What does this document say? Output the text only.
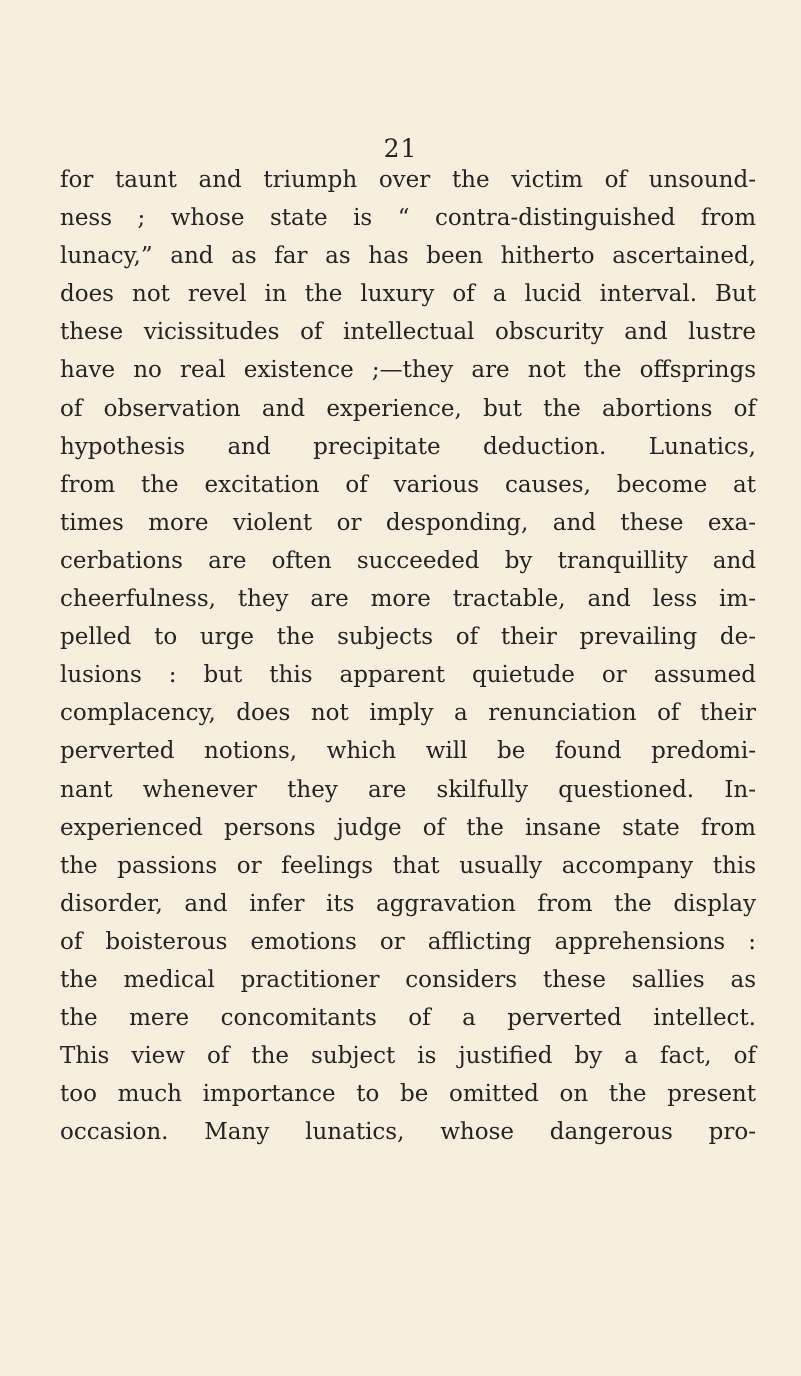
21
for taunt and triumph over the victim of unsound-
ness ; whose state is “ contra-distinguished from
lunacy,” and as far as has been hitherto ascertained,
does not revel in the luxury of a lucid interval. But
these vicissitudes of intellectual obscurity and lustre
have no real existence ;—they are not the offsprings
of observation and experience, but the abortions of
hypothesis and precipitate deduction. Lunatics,
from the excitation of various causes, become at
times more violent or desponding, and these exa-
cerbations are often succeeded by tranquillity and
cheerfulness, they are more tractable, and less im-
pelled to urge the subjects of their prevailing de-
lusions : but this apparent quietude or assumed
complacency, does not imply a renunciation of their
perverted notions, which will be found predomi-
nant whenever they are skilfully questioned. In-
experienced persons judge of the insane state from
the passions or feelings that usually accompany this
disorder, and infer its aggravation from the display
of boisterous emotions or afflicting apprehensions :
the medical practitioner considers these sallies as
the mere concomitants of a perverted intellect.
This view of the subject is justified by a fact, of
too much importance to be omitted on the present
occasion. Many lunatics, whose dangerous pro-
